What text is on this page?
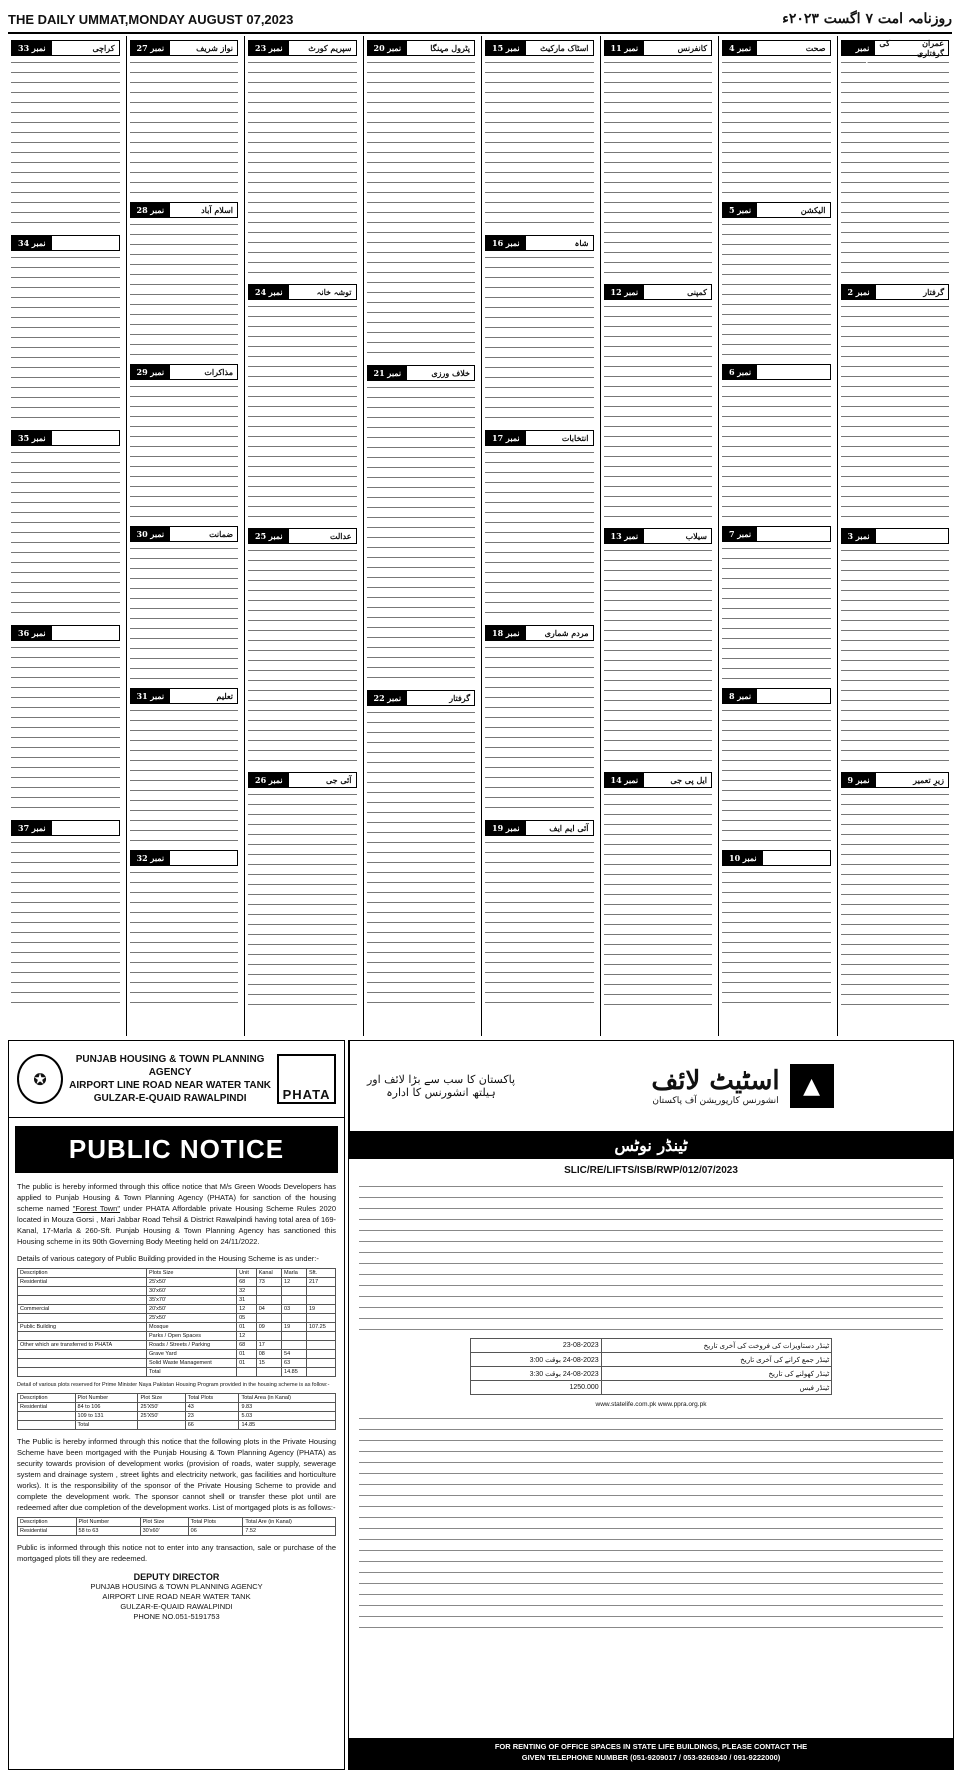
THE DAILY UMMAT,MONDAY AUGUST 07,2023	روزنامہ امت ۷ اگست ۲۰۲۳ء
عمران کی گرفتاری
نمبر 1
گرفتار
نمبر 2
نمبر 3
زیرِ تعمیر
نمبر 9
صحت
نمبر 4
الیکشن
نمبر 5
نمبر 6
نمبر 7
نمبر 8
نمبر 10
کانفرنس
نمبر 11
کمپنی
نمبر 12
سیلاب
نمبر 13
ایل پی جی
نمبر 14
اسٹاک مارکیٹ
نمبر 15
شاہ
نمبر 16
انتخابات
نمبر 17
مردم شماری
نمبر 18
آئی ایم ایف
نمبر 19
پٹرول مہنگا
نمبر 20
خلاف ورزی
نمبر 21
گرفتار
نمبر 22
سپریم کورٹ
نمبر 23
توشہ خانہ
نمبر 24
عدالت
نمبر 25
آئی جی
نمبر 26
نواز شریف
نمبر 27
اسلام آباد
نمبر 28
مذاکرات
نمبر 29
ضمانت
نمبر 30
تعلیم
نمبر 31
نمبر 32
کراچی
نمبر 33
نمبر 34
نمبر 35
نمبر 36
نمبر 37
✪
PUNJAB HOUSING & TOWN PLANNING AGENCY
AIRPORT LINE ROAD NEAR WATER TANK
GULZAR-E-QUAID RAWALPINDI	PHATA
PUBLIC NOTICE
The public is hereby informed through this office notice that M/s Green Woods Developers has applied to Punjab Housing & Town Planning Agency (PHATA) for sanction of the housing scheme named "Forest Town" under PHATA Affordable private Housing Scheme Rules 2020 located in Mouza Gorsi , Mari Jabbar Road Tehsil & District Rawalpindi having total area of 169-Kanal, 17-Marla & 260-Sft. Punjab Housing & Town Planning Agency has sanctioned this Housing scheme in its 90th Governing Body Meeting held on 24/11/2022.
Details of various category of Public Building provided in the Housing Scheme is as under:-
Description	Plots Size	Unit	Kanal	Marla	Sft.
Residential	25'x50'	68	73	12	217
	30'x60'	32			
	35'x70'	31			
Commercial	20'x50'	12	04	03	19
	25'x50'	05			
Public Building	Mosque	01	09	19	107.25
	Parks / Open Spaces	12			
Other which are transferred to PHATA	Roads / Streets / Parking	68	17		
	Grave Yard	01	08	54	
	Solid Waste Management	01	15	63	
	Total			14.85	
Detail of various plots reserved for Prime Minister Naya Pakistan Housing Program provided in the housing scheme is as follow:-
Description	Plot Number	Plot Size	Total Plots	Total Area (in Kanal)
Residential	84 to 106	25'X50'	43	9.83
	109 to 131	25'X50'	23	5.03
	Total		66	14.85
The Public is hereby informed through this notice that the following plots in the Private Housing Scheme have been mortgaged with the Punjab Housing & Town Planning Agency (PHATA) as security towards provision of development works (provision of roads, water supply, sewerage system and drainage system , street lights and electricity network, gas facilities and horticulture works). It is the responsibility of the sponsor of the Private Housing Scheme to provide and complete the development work. The sponsor cannot shell or transfer these plot until are redeemed after due completion of the development works. List of mortgaged plots is as follows:-
Description	Plot Number	Plot Size	Total Plots	Total Are (in Kanal)
Residential	58 to 63	30'x60'	06	7.52
Public is informed through this notice not to enter into any transaction, sale or purchase of the mortgaged plots till they are redeemed.
DEPUTY DIRECTOR
PUNJAB HOUSING & TOWN PLANNING AGENCY
AIRPORT LINE ROAD NEAR WATER TANK
GULZAR-E-QUAID RAWALPINDI
PHONE NO.051-5191753
پاکستان کا سب سے بڑا لائف اور ہیلتھ انشورنس کا ادارہ	اسٹیٹ لائف
انشورنس کارپوریشن آف پاکستان
▲
ٹینڈر نوٹس
SLIC/RE/LIFTS/ISB/RWP/012/07/2023
23-08-2023	ٹینڈر دستاویزات کی فروخت کی آخری تاریخ
24-08-2023 بوقت 3:00	ٹینڈر جمع کرانے کی آخری تاریخ
24-08-2023 بوقت 3:30	ٹینڈر کھولنے کی تاریخ
1250.000	ٹینڈر فیس
www.statelife.com.pk www.ppra.org.pk
FOR RENTING OF OFFICE SPACES IN STATE LIFE BUILDINGS, PLEASE CONTACT THE
GIVEN TELEPHONE NUMBER (051-9209017 / 053-9260340 / 091-9222000)
